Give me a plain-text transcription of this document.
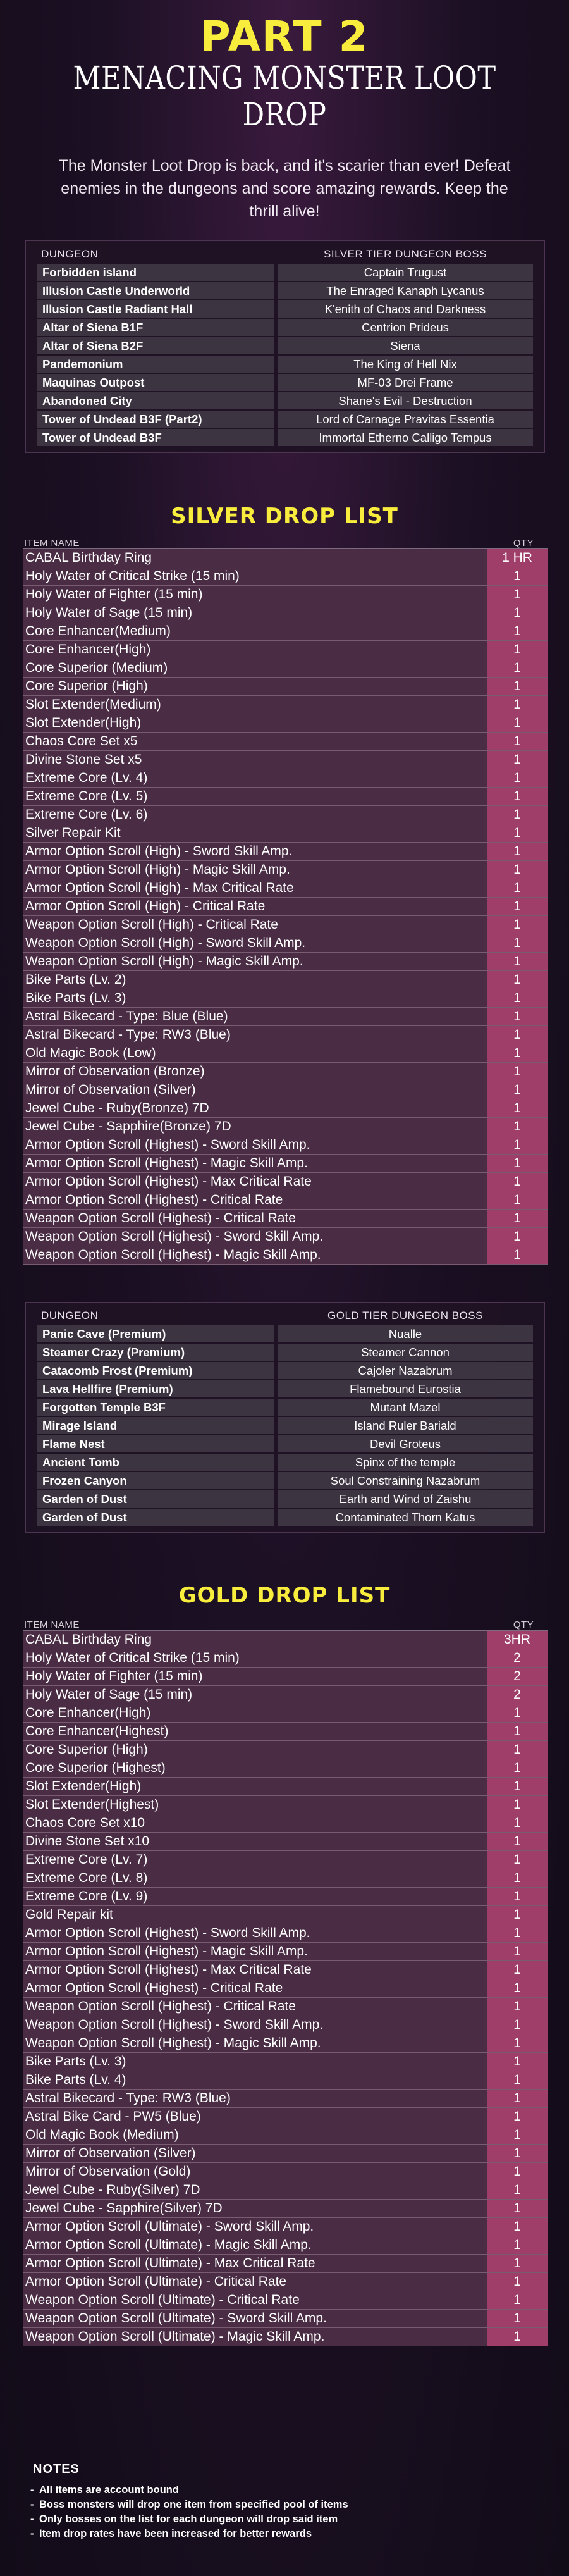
PART 2
MENACING MONSTER LOOT DROP
The Monster Loot Drop is back, and it's scarier than ever! Defeat enemies in the dungeons and score amazing rewards. Keep the thrill alive!
DUNGEON	SILVER TIER DUNGEON BOSS
Forbidden island	Captain Trugust
Illusion Castle Underworld	The Enraged Kanaph Lycanus
Illusion Castle Radiant Hall	K'enith of Chaos and Darkness
Altar of Siena B1F	Centrion Prideus
Altar of Siena B2F	Siena
Pandemonium	The King of Hell Nix
Maquinas Outpost	MF-03 Drei Frame
Abandoned City	Shane's Evil - Destruction
Tower of Undead B3F (Part2)	Lord of Carnage Pravitas Essentia
Tower of Undead B3F	Immortal Etherno Calligo Tempus
SILVER DROP LIST
ITEM NAME	QTY
CABAL Birthday Ring	1 HR
Holy Water of Critical Strike (15 min)	1
Holy Water of Fighter (15 min)	1
Holy Water of Sage (15 min)	1
Core Enhancer(Medium)	1
Core Enhancer(High)	1
Core Superior (Medium)	1
Core Superior (High)	1
Slot Extender(Medium)	1
Slot Extender(High)	1
Chaos Core Set x5	1
Divine Stone Set x5	1
Extreme Core (Lv. 4)	1
Extreme Core (Lv. 5)	1
Extreme Core (Lv. 6)	1
Silver Repair Kit	1
Armor Option Scroll (High) - Sword Skill Amp.	1
Armor Option Scroll (High) - Magic Skill Amp.	1
Armor Option Scroll (High) - Max Critical Rate	1
Armor Option Scroll (High) - Critical Rate	1
Weapon Option Scroll (High) - Critical Rate	1
Weapon Option Scroll (High) - Sword Skill Amp.	1
Weapon Option Scroll (High) - Magic Skill Amp.	1
Bike Parts (Lv. 2)	1
Bike Parts (Lv. 3)	1
Astral Bikecard - Type: Blue (Blue)	1
Astral Bikecard - Type: RW3 (Blue)	1
Old Magic Book (Low)	1
Mirror of Observation (Bronze)	1
Mirror of Observation (Silver)	1
Jewel Cube - Ruby(Bronze) 7D	1
Jewel Cube - Sapphire(Bronze) 7D	1
Armor Option Scroll (Highest) - Sword Skill Amp.	1
Armor Option Scroll (Highest) - Magic Skill Amp.	1
Armor Option Scroll (Highest) - Max Critical Rate	1
Armor Option Scroll (Highest) - Critical Rate	1
Weapon Option Scroll (Highest) - Critical Rate	1
Weapon Option Scroll (Highest) - Sword Skill Amp.	1
Weapon Option Scroll (Highest) - Magic Skill Amp.	1
DUNGEON	GOLD TIER DUNGEON BOSS
Panic Cave (Premium)	Nualle
Steamer Crazy (Premium)	Steamer Cannon
Catacomb Frost (Premium)	Cajoler Nazabrum
Lava Hellfire (Premium)	Flamebound Eurostia
Forgotten Temple B3F	Mutant Mazel
Mirage Island	Island Ruler Bariald
Flame Nest	Devil Groteus
Ancient Tomb	Spinx of the temple
Frozen Canyon	Soul Constraining Nazabrum
Garden of Dust	Earth and Wind of Zaishu
Garden of Dust	Contaminated Thorn Katus
GOLD DROP LIST
ITEM NAME	QTY
CABAL Birthday Ring	3HR
Holy Water of Critical Strike (15 min)	2
Holy Water of Fighter (15 min)	2
Holy Water of Sage (15 min)	2
Core Enhancer(High)	1
Core Enhancer(Highest)	1
Core Superior (High)	1
Core Superior (Highest)	1
Slot Extender(High)	1
Slot Extender(Highest)	1
Chaos Core Set x10	1
Divine Stone Set x10	1
Extreme Core (Lv. 7)	1
Extreme Core (Lv. 8)	1
Extreme Core (Lv. 9)	1
Gold Repair kit	1
Armor Option Scroll (Highest) - Sword Skill Amp.	1
Armor Option Scroll (Highest) - Magic Skill Amp.	1
Armor Option Scroll (Highest) - Max Critical Rate	1
Armor Option Scroll (Highest) - Critical Rate	1
Weapon Option Scroll (Highest) - Critical Rate	1
Weapon Option Scroll (Highest) - Sword Skill Amp.	1
Weapon Option Scroll (Highest) - Magic Skill Amp.	1
Bike Parts (Lv. 3)	1
Bike Parts (Lv. 4)	1
Astral Bikecard - Type: RW3 (Blue)	1
Astral Bike Card - PW5 (Blue)	1
Old Magic Book (Medium)	1
Mirror of Observation (Silver)	1
Mirror of Observation (Gold)	1
Jewel Cube - Ruby(Silver) 7D	1
Jewel Cube - Sapphire(Silver) 7D	1
Armor Option Scroll (Ultimate) - Sword Skill Amp.	1
Armor Option Scroll (Ultimate) - Magic Skill Amp.	1
Armor Option Scroll (Ultimate) - Max Critical Rate	1
Armor Option Scroll (Ultimate) - Critical Rate	1
Weapon Option Scroll (Ultimate) - Critical Rate	1
Weapon Option Scroll (Ultimate) - Sword Skill Amp.	1
Weapon Option Scroll (Ultimate) - Magic Skill Amp.	1
NOTES
- All items are account bound
- Boss monsters will drop one item from specified pool of items
- Only bosses on the list for each dungeon will drop said item
- Item drop rates have been increased for better rewards
